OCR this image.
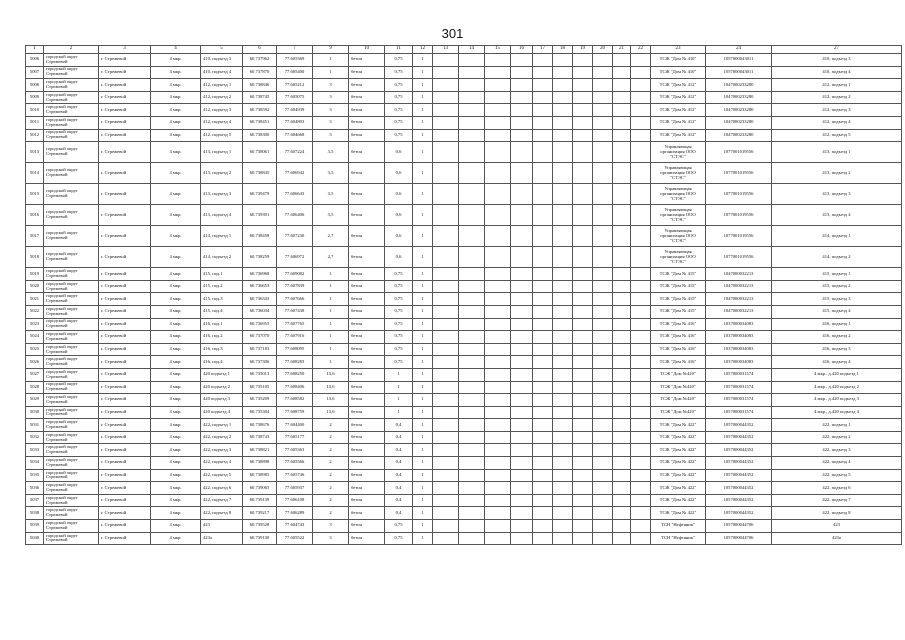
301
1	2	3	4	5	6	7	9	10	11	12	13	14	15	16	17	18	19	20	21	22	23	24	27
5006	городской округ Стрежевой	г. Стрежевой	4 мкр.	410, подъезд 3	60.737962	77.605369	1	бетон	0,75	1											ТСЖ "Дом № 410"	1057000043011	410, подъезд 3
5007	городской округ Стрежевой	г. Стрежевой	4 мкр.	410, подъезд 4	60.737870	77.605400	1	бетон	0,75	1											ТСЖ "Дом № 410"	1057000043011	410, подъезд 4
5008	городской округ Стрежевой	г. Стрежевой	4 мкр.	412, подъезд 1	60.738846	77.605212	3	бетон	0,75	1											ТСЖ "Дом № 412"	1047000233280	412, подъезд 1
5009	городской округ Стрежевой	г. Стрежевой	4 мкр.	412, подъезд 2	60.738745	77.605075	3	бетон	0,75	1											ТСЖ "Дом № 412"	1047000233280	412, подъезд 2
5010	городской округ Стрежевой	г. Стрежевой	4 мкр.	412, подъезд 3	60.738592	77.604939	3	бетон	0,75	1											ТСЖ "Дом № 412"	1047000233280	412, подъезд 3
5011	городской округ Стрежевой	г. Стрежевой	4 мкр.	412, подъезд 4	60.738451	77.604803	3	бетон	0,75	1											ТСЖ "Дом № 412"	1047000233280	412, подъезд 4
5012	городской округ Стрежевой	г. Стрежевой	4 мкр.	412, подъезд 5	60.738300	77.604668	3	бетон	0,75	1											ТСЖ "Дом № 412"	1047000233280	412, подъезд 5
5013	городской округ Стрежевой	г. Стрежевой	4 мкр.	413, подъезд 1	60.738061	77.607224	3,5	бетон	0,6	1											Управляющая организация ООО "СТЭС"	1077001019556	413, подъезд 1
5014	городской округ Стрежевой	г. Стрежевой	4 мкр.	413, подъезд 2	60.738845	77.606942	3,5	бетон	0,6	1											Управляющая организация ООО "СТЭС"	1077001019556	413, подъезд 2
5015	городской округ Стрежевой	г. Стрежевой	4 мкр.	413, подъезд 3	60.739479	77.606643	3,5	бетон	0,6	1											Управляющая организация ООО "СТЭС"	1077001019556	413, подъезд 3
5016	городской округ Стрежевой	г. Стрежевой	4 мкр.	413, подъезд 4	60.739391	77.606406	3,5	бетон	0,6	1											Управляющая организация ООО "СТЭС"	1077001019556	413, подъезд 4
5017	городской округ Стрежевой	г. Стрежевой	4 мкр.	414, подъезд 1	60.738458	77.607230	2,7	бетон	0,6	1											Управляющая организация ООО "СТЭС"	1077001019556	414, подъезд 1
5018	городской округ Стрежевой	г. Стрежевой	4 мкр.	414, подъезд 2	60.738259	77.606972	2,7	бетон	0,6	1											Управляющая организация ООО "СТЭС"	1077001019556	414, подъезд 2
5019	городской округ Стрежевой	г. Стрежевой	4 мкр.	415, под.1	60.736968	77.609082	1	бетон	0,75	1											ТСЖ "Дом № 415"	1047000032213	415, подъезд 1
5020	городской округ Стрежевой	г. Стрежевой	4 мкр.	415, под.2	60.736653	77.607839	1	бетон	0,75	1											ТСЖ "Дом № 415"	1047000032213	415, подъезд 2
5021	городской округ Стрежевой	г. Стрежевой	4 мкр.	415, под.3	60.736343	77.607666	1	бетон	0,75	1											ТСЖ "Дом № 415"	1047000032213	415, подъезд 3
5022	городской округ Стрежевой	г. Стрежевой	4 мкр.	415, под.4	60.736034	77.607438	1	бетон	0,75	1											ТСЖ "Дом № 415"	1047000032213	415, подъезд 4
5023	городской округ Стрежевой	г. Стрежевой	4 мкр.	416, под.1	60.736953	77.607765	1	бетон	0,75	1											ТСЖ "Дом № 416"	1037000034083	416, подъезд 1
5024	городской округ Стрежевой	г. Стрежевой	4 мкр.	416, под.2	60.737070	77.607916	1	бетон	0,75	1											ТСЖ "Дом № 416"	1037000034083	416, подъезд 2
5025	городской округ Стрежевой	г. Стрежевой	4 мкр.	416, под.3	60.737183	77.608095	1	бетон	0,75	1											ТСЖ "Дом № 416"	1037000034083	416, подъезд 3
5026	городской округ Стрежевой	г. Стрежевой	4 мкр.	416, под.4	60.737306	77.608283	1	бетон	0,75	1											ТСЖ "Дом № 416"	1037000034083	416, подъезд 4
5027	городской округ Стрежевой	г. Стрежевой	4 мкр.	420 подъезд 1	60.735013	77.608250	13,6	бетон	1	1											ТСЖ "Дом №420"	1057000031574	4 мкр., д.420 подъезд 1
5028	городской округ Стрежевой	г. Стрежевой	4 мкр.	420 подъезд 2	60.735105	77.608406	13,6	бетон	1	1											ТСЖ "Дом №420"	1057000031574	4 мкр., д.420 подъезд 2
5029	городской округ Стрежевой	г. Стрежевой	4 мкр.	420 подъезд 3	60.735209	77.608582	13,6	бетон	1	1											ТСЖ "Дом №420"	1057000031574	4 мкр., д.420 подъезд 3
5030	городской округ Стрежевой	г. Стрежевой	4 мкр.	420 подъезд 4	60.735304	77.608759	13,6	бетон	1	1											ТСЖ "Дом №420"	1057000031574	4 мкр., д.420 подъезд 4
5031	городской округ Стрежевой	г. Стрежевой	4 мкр.	422, подъезд 1	60.738676	77.604400	2	бетон	0,4	1											ТСЖ "Дом № 422"	1057000044352	422, подъезд 1
5032	городской округ Стрежевой	г. Стрежевой	4 мкр.	422, подъезд 2	60.738743	77.605177	2	бетон	0,4	1											ТСЖ "Дом № 422"	1057000044352	422, подъезд 2
5033	городской округ Стрежевой	г. Стрежевой	4 мкр.	422, подъезд 3	60.738821	77.605363	2	бетон	0,4	1											ТСЖ "Дом № 422"	1057000044352	422, подъезд 3
5034	городской округ Стрежевой	г. Стрежевой	4 мкр.	422, подъезд 4	60.738898	77.605566	2	бетон	0,4	1											ТСЖ "Дом № 422"	1057000044352	422, подъезд 4
5035	городской округ Стрежевой	г. Стрежевой	4 мкр.	422, подъезд 5	60.738985	77.605746	2	бетон	0,4	1											ТСЖ "Дом № 422"	1057000044352	422, подъезд 5
5036	городской округ Стрежевой	г. Стрежевой	4 мкр.	422, подъезд 6	60.739065	77.605937	2	бетон	0,4	1											ТСЖ "Дом № 422"	1057000044352	422, подъезд 6
5037	городской округ Стрежевой	г. Стрежевой	4 мкр.	422, подъезд 7	60.739139	77.606108	2	бетон	0,4	1											ТСЖ "Дом № 422"	1057000044352	422, подъезд 7
5038	городской округ Стрежевой	г. Стрежевой	4 мкр.	422, подъезд 8	60.739217	77.606289	2	бетон	0,4	1											ТСЖ "Дом № 422"	1057000044352	422, подъезд 8
5039	городской округ Стрежевой	г. Стрежевой	4 мкр.	423	60.739528	77.604743	3	бетон	0,75	1											ТСН "Нефтяник"	1057000044706	423
5040	городской округ Стрежевой	г. Стрежевой	4 мкр.	423а	60.739130	77.605522	3	бетон	0,75	1											ТСН "Нефтяник"	1057000044706	423а
